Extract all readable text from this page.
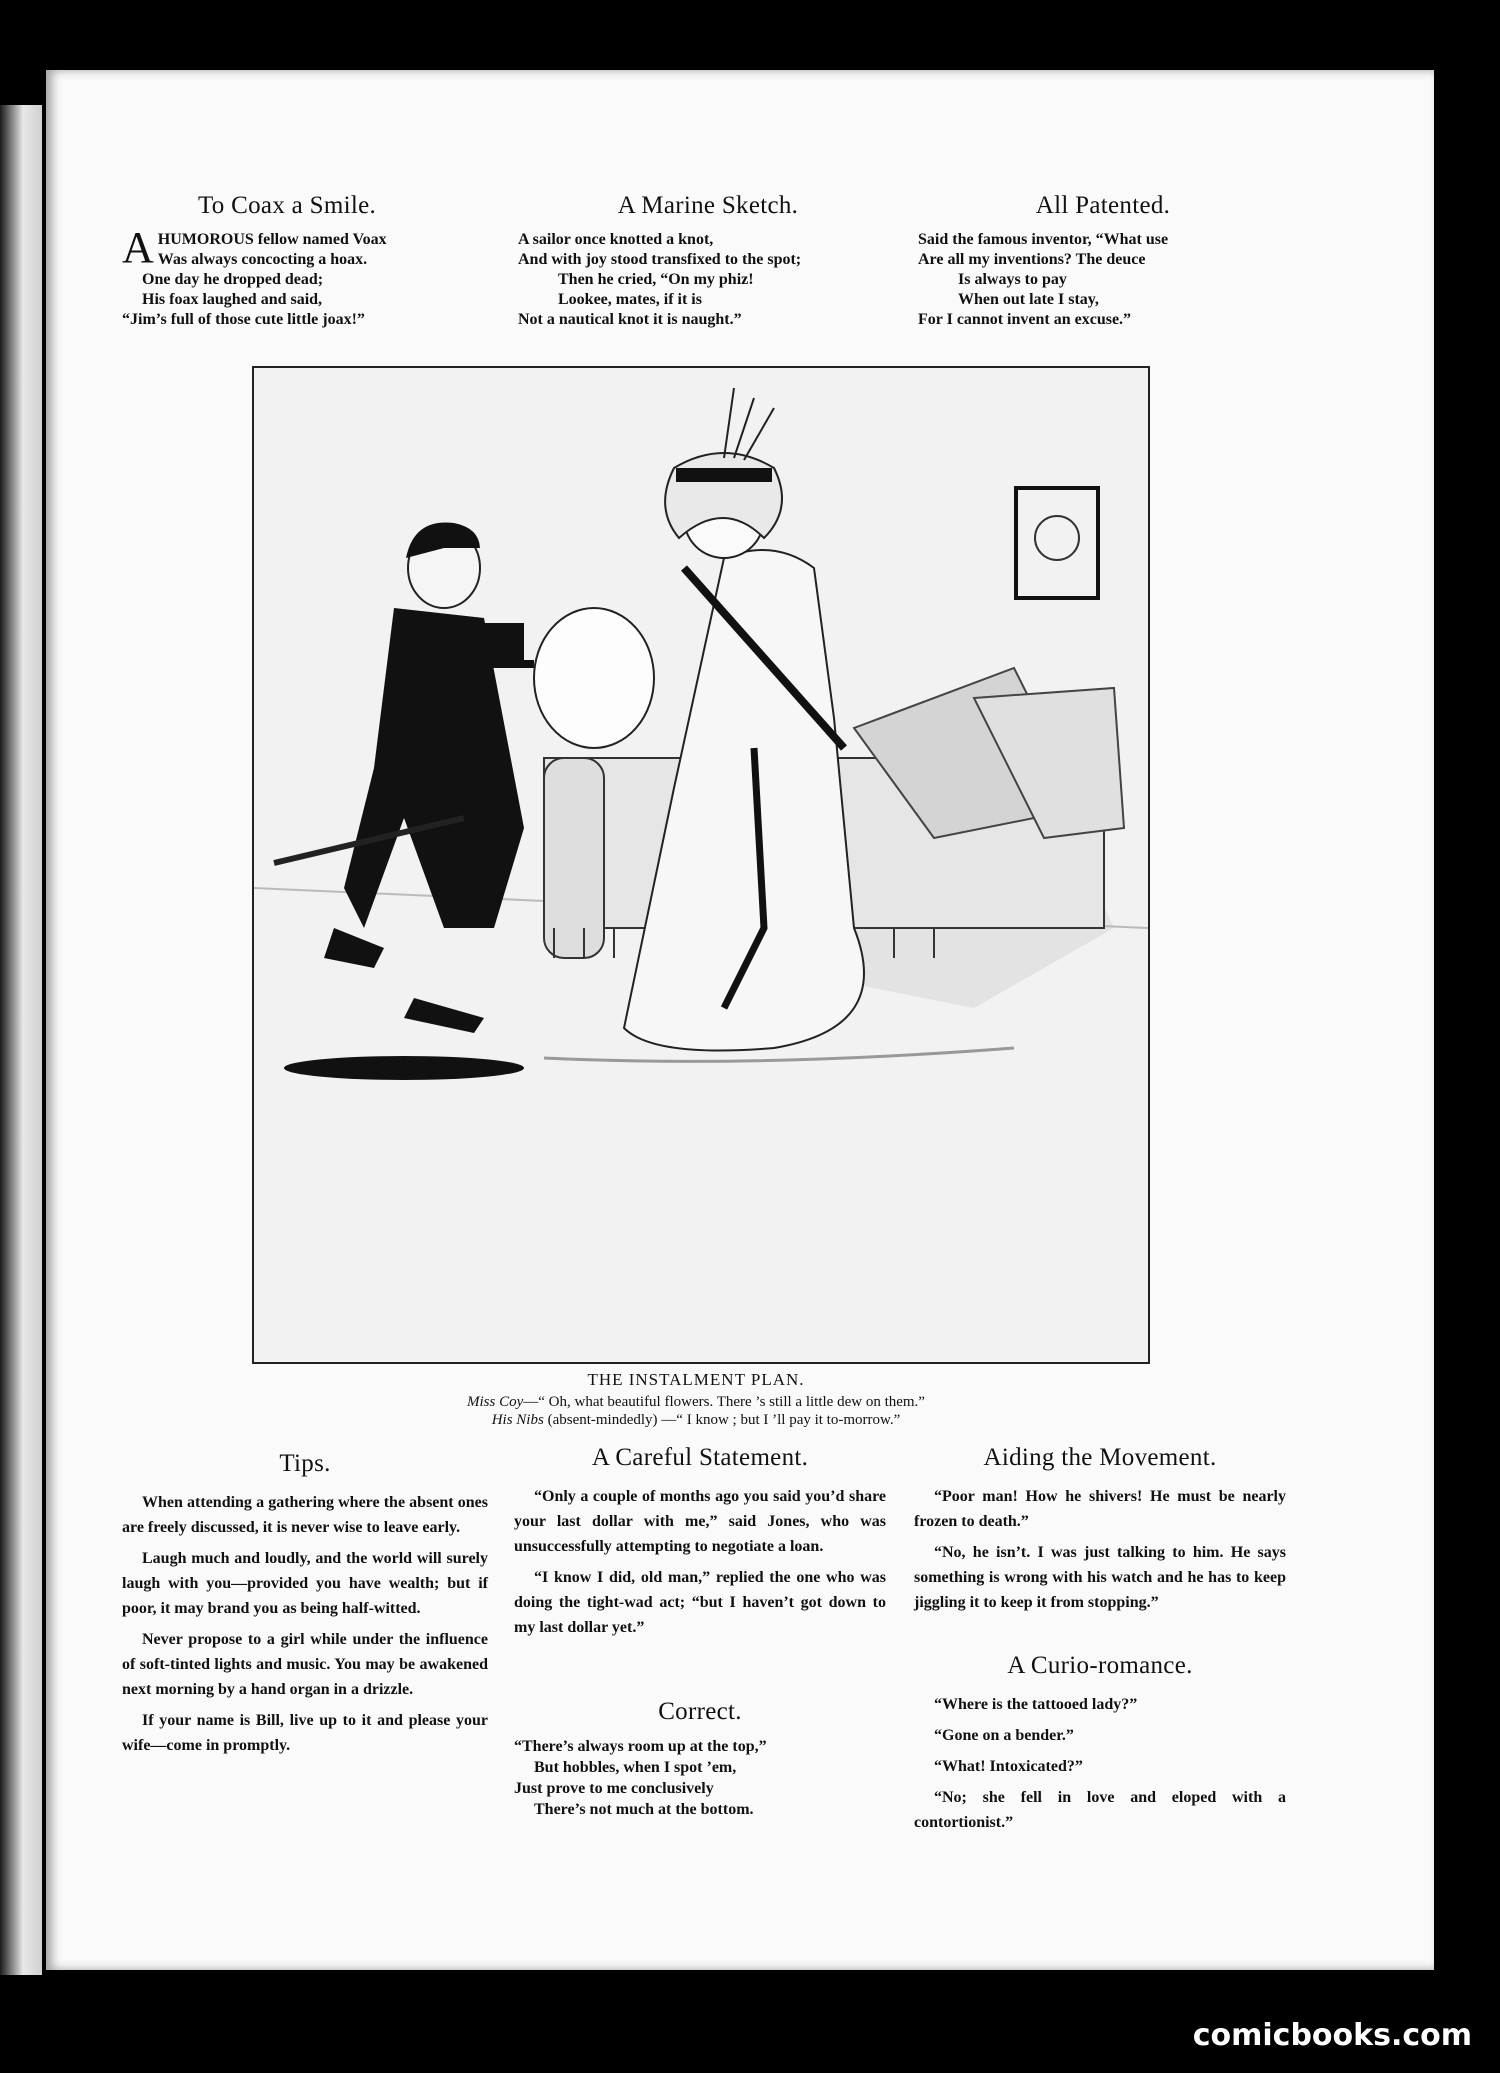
To Coax a Smile.
A HUMOROUS fellow named Voax
Was always concocting a hoax.
One day he dropped dead;
His foax laughed and said,
“Jim’s full of those cute little joax!”
A Marine Sketch.
A sailor once knotted a knot,
And with joy stood transfixed to the spot;
Then he cried, “On my phiz!
Lookee, mates, if it is
Not a nautical knot it is naught.”
All Patented.
Said the famous inventor, “What use
Are all my inventions? The deuce
Is always to pay
When out late I stay,
For I cannot invent an excuse.”
THE INSTALMENT PLAN.
Miss Coy—“ Oh, what beautiful flowers. There ’s still a little dew on them.”
His Nibs (absent-mindedly) —“ I know ; but I ’ll pay it to-morrow.”
Tips.

When attending a gathering where the absent ones are freely discussed, it is never wise to leave early.

Laugh much and loudly, and the world will surely laugh with you—provided you have wealth; but if poor, it may brand you as being half-witted.

Never propose to a girl while under the influence of soft-tinted lights and music. You may be awakened next morning by a hand organ in a drizzle.

If your name is Bill, live up to it and please your wife—come in promptly.

A Careful Statement.

“Only a couple of months ago you said you’d share your last dollar with me,” said Jones, who was unsuccessfully attempting to negotiate a loan.

“I know I did, old man,” replied the one who was doing the tight-wad act; “but I haven’t got down to my last dollar yet.”

Correct.
“There’s always room up at the top,”
But hobbles, when I spot ’em,
Just prove to me conclusively
There’s not much at the bottom.
Aiding the Movement.

“Poor man! How he shivers! He must be nearly frozen to death.”

“No, he isn’t. I was just talking to him. He says something is wrong with his watch and he has to keep jiggling it to keep it from stopping.”

A Curio-romance.

“Where is the tattooed lady?”

“Gone on a bender.”

“What! Intoxicated?”

“No; she fell in love and eloped with a contortionist.”

comicbooks.com
